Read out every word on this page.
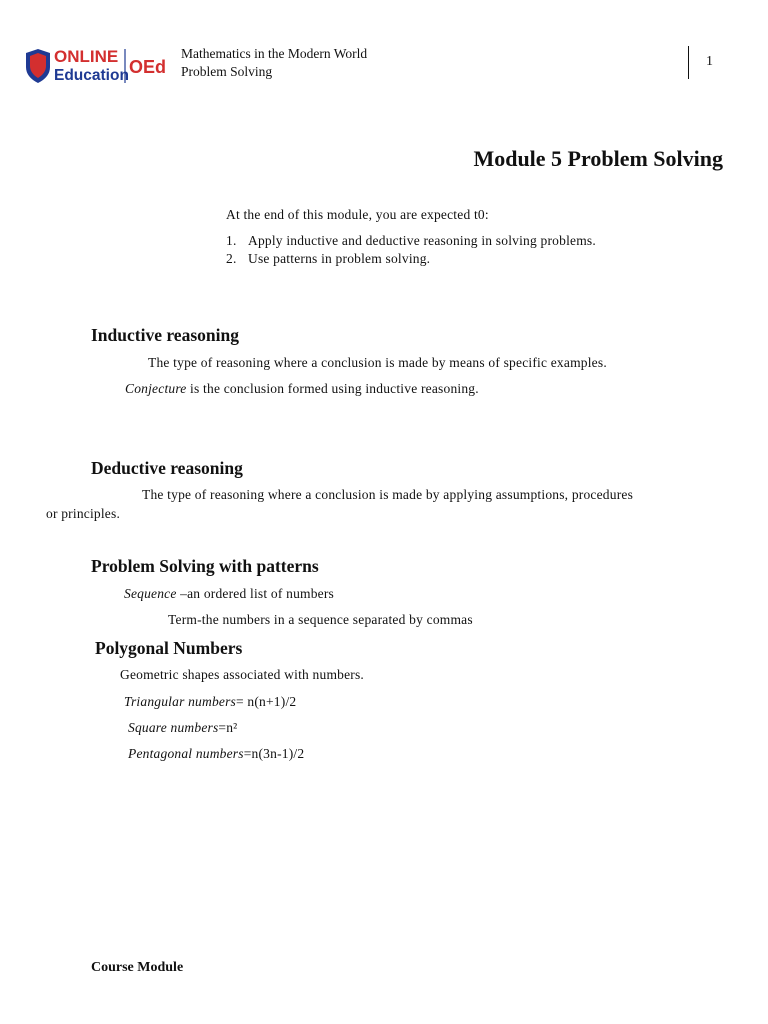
ONLINE
Education OEd
Mathematics in the Modern World
Problem Solving
1
Module 5 Problem Solving
At the end of this module, you are expected t0:
1. Apply inductive and deductive reasoning in solving problems.
2. Use patterns in problem solving.
Inductive reasoning
The type of reasoning where a conclusion is made by means of specific examples.
Conjecture is the conclusion formed using inductive reasoning.
Deductive reasoning
The type of reasoning where a conclusion is made by applying assumptions, procedures
or principles.
Problem Solving with patterns
Sequence –an ordered list of numbers
Term-the numbers in a sequence separated by commas
Polygonal Numbers
Geometric shapes associated with numbers.
Triangular numbers= n(n+1)/2
Square numbers=n²
Pentagonal numbers=n(3n-1)/2
Course Module
